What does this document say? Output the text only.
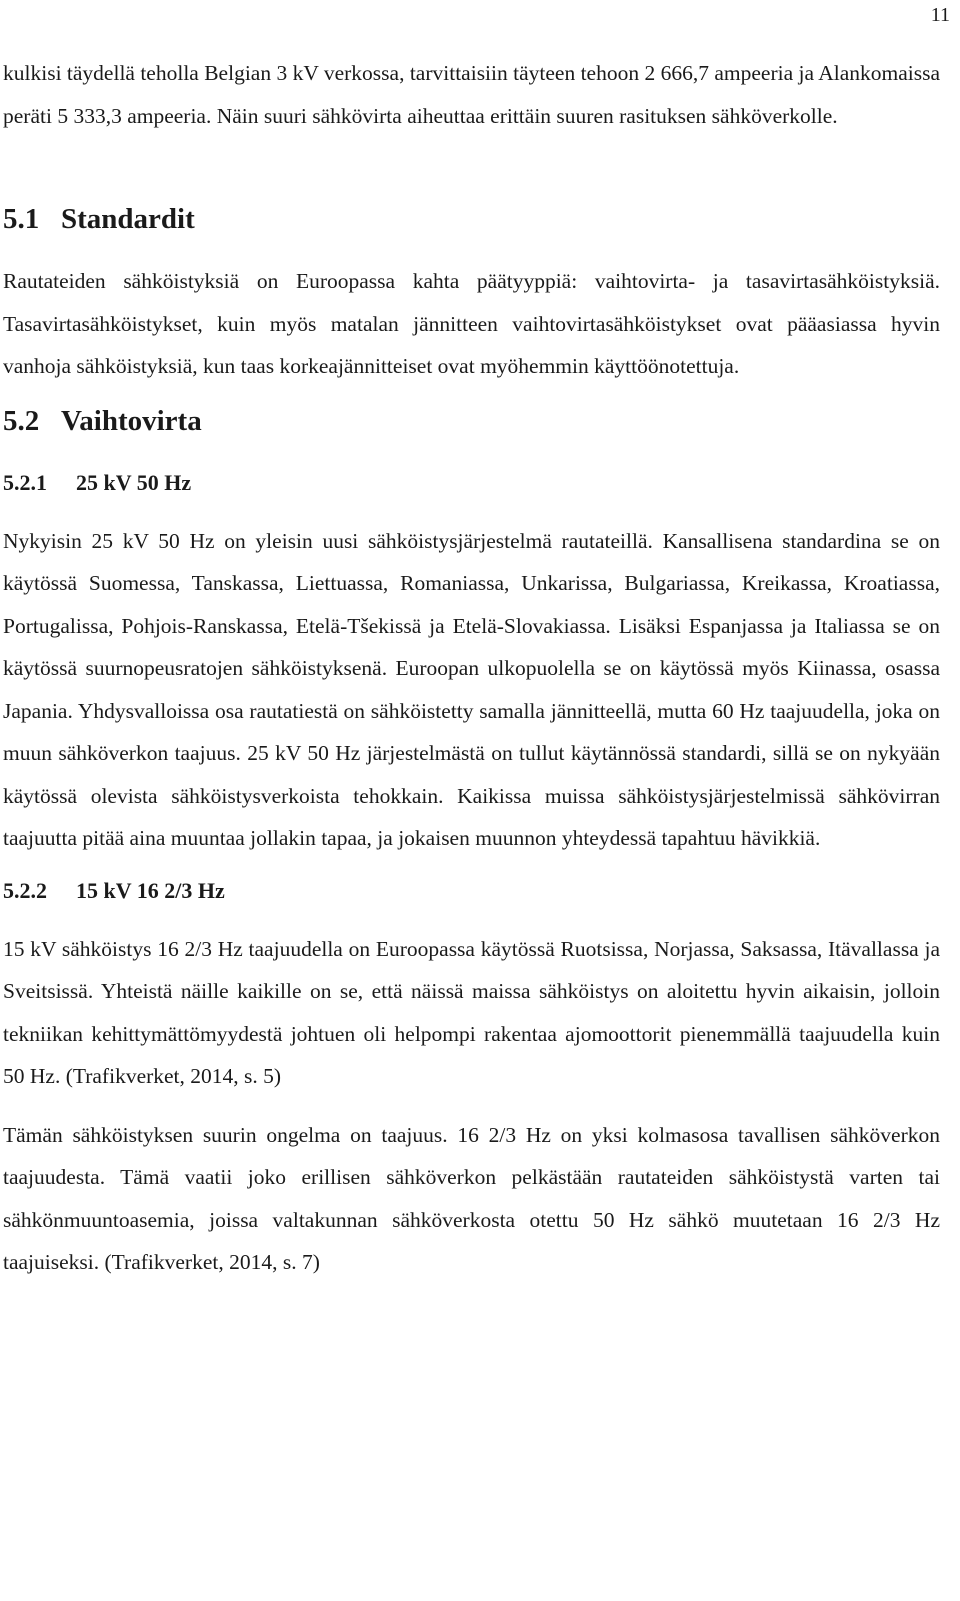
11

kulkisi täydellä teholla Belgian 3 kV verkossa, tarvittaisiin täyteen tehoon 2 666,7 ampeeria ja Alankomaissa peräti 5 333,3 ampeeria. Näin suuri sähkövirta aiheuttaa erittäin suuren rasituksen sähköverkolle.

5.1 Standardit

Rautateiden sähköistyksiä on Euroopassa kahta päätyyppiä: vaihtovirta- ja tasavirtasähköistyksiä. Tasavirtasähköistykset, kuin myös matalan jännitteen vaihtovirtasähköistykset ovat pääasiassa hyvin vanhoja sähköistyksiä, kun taas korkeajännitteiset ovat myöhemmin käyttöönotettuja.

5.2 Vaihtovirta
5.2.1 25 kV 50 Hz

Nykyisin 25 kV 50 Hz on yleisin uusi sähköistysjärjestelmä rautateillä. Kansallisena standardina se on käytössä Suomessa, Tanskassa, Liettuassa, Romaniassa, Unkarissa, Bulgariassa, Kreikassa, Kroatiassa, Portugalissa, Pohjois-Ranskassa, Etelä-Tšekissä ja Etelä-Slovakiassa. Lisäksi Espanjassa ja Italiassa se on käytössä suurnopeusratojen sähköistyksenä. Euroopan ulkopuolella se on käytössä myös Kiinassa, osassa Japania. Yhdysvalloissa osa rautatiestä on sähköistetty samalla jännitteellä, mutta 60 Hz taajuudella, joka on muun sähköverkon taajuus. 25 kV 50 Hz järjestelmästä on tullut käytännössä standardi, sillä se on nykyään käytössä olevista sähköistysverkoista tehokkain. Kaikissa muissa sähköistysjärjestelmissä sähkövirran taajuutta pitää aina muuntaa jollakin tapaa, ja jokaisen muunnon yhteydessä tapahtuu hävikkiä.

5.2.2 15 kV 16 2/3 Hz

15 kV sähköistys 16 2/3 Hz taajuudella on Euroopassa käytössä Ruotsissa, Norjassa, Saksassa, Itävallassa ja Sveitsissä. Yhteistä näille kaikille on se, että näissä maissa sähköistys on aloitettu hyvin aikaisin, jolloin tekniikan kehittymättömyydestä johtuen oli helpompi rakentaa ajomoottorit pienemmällä taajuudella kuin 50 Hz. (Trafikverket, 2014, s. 5)

Tämän sähköistyksen suurin ongelma on taajuus. 16 2/3 Hz on yksi kolmasosa tavallisen sähköverkon taajuudesta. Tämä vaatii joko erillisen sähköverkon pelkästään rautateiden sähköistystä varten tai sähkönmuuntoasemia, joissa valtakunnan sähköverkosta otettu 50 Hz sähkö muutetaan 16 2/3 Hz taajuiseksi. (Trafikverket, 2014, s. 7)
